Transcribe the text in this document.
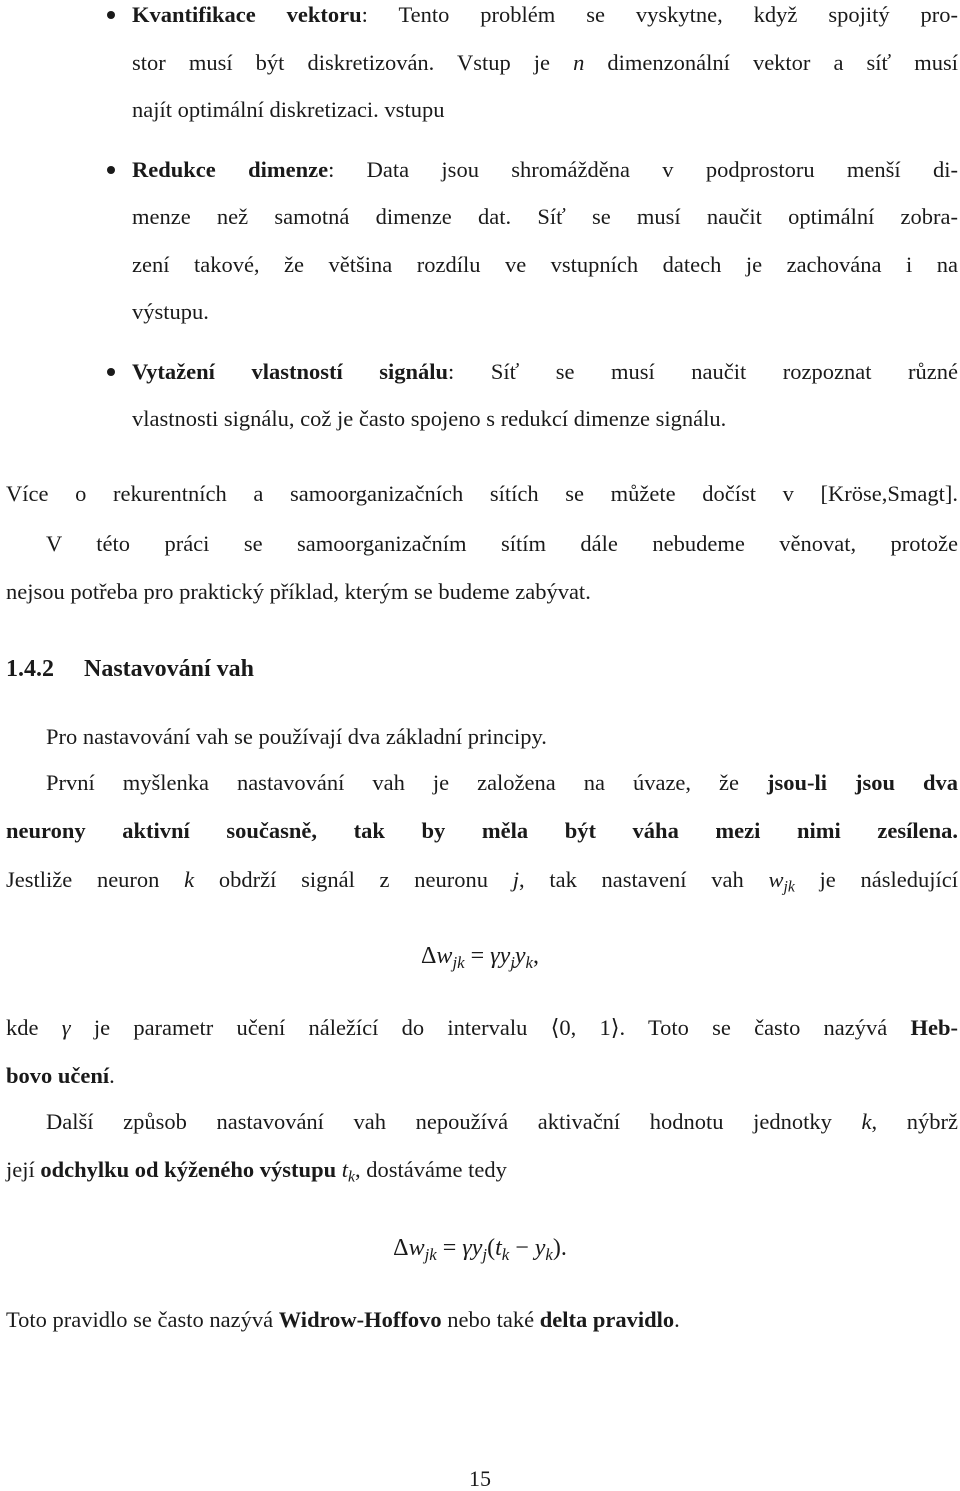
Kvantifikace vektoru: Tento problém se vyskytne, když spojitý pro-
stor musí být diskretizován. Vstup je n dimenzonální vektor a síť musí
najít optimální diskretizaci. vstupu
Redukce dimenze: Data jsou shromážděna v podprostoru menší di-
menze než samotná dimenze dat. Síť se musí naučit optimální zobra-
zení takové, že většina rozdílu ve vstupních datech je zachována i na
výstupu.
Vytažení vlastností signálu: Síť se musí naučit rozpoznat různé
vlastnosti signálu, což je často spojeno s redukcí dimenze signálu.
Více o rekurentních a samoorganizačních sítích se můžete dočíst v [Kröse,Smagt].
V této práci se samoorganizačním sítím dále nebudeme věnovat, protože
nejsou potřeba pro praktický příklad, kterým se budeme zabývat.
1.4.2 Nastavování vah
Pro nastavování vah se používají dva základní principy.
První myšlenka nastavování vah je založena na úvaze, že jsou-li jsou dva
neurony aktivní současně, tak by měla být váha mezi nimi zesílena.
Jestliže neuron k obdrží signál z neuronu j, tak nastavení vah $w_{jk}$ je následující
$\Delta w_{jk} = \gamma y_jy_k$,
kde γ je parametr učení náležící do intervalu ⟨0, 1⟩. Toto se často nazývá Heb-
bovo učení.
Další způsob nastavování vah nepoužívá aktivační hodnotu jednotky k, nýbrž
její odchylku od kýženého výstupu $t_k$, dostáváme tedy
$\Delta w_{jk} = \gamma y_j(t_k - y_k)$.
Toto pravidlo se často nazývá Widrow-Hoffovo nebo také delta pravidlo.
15
